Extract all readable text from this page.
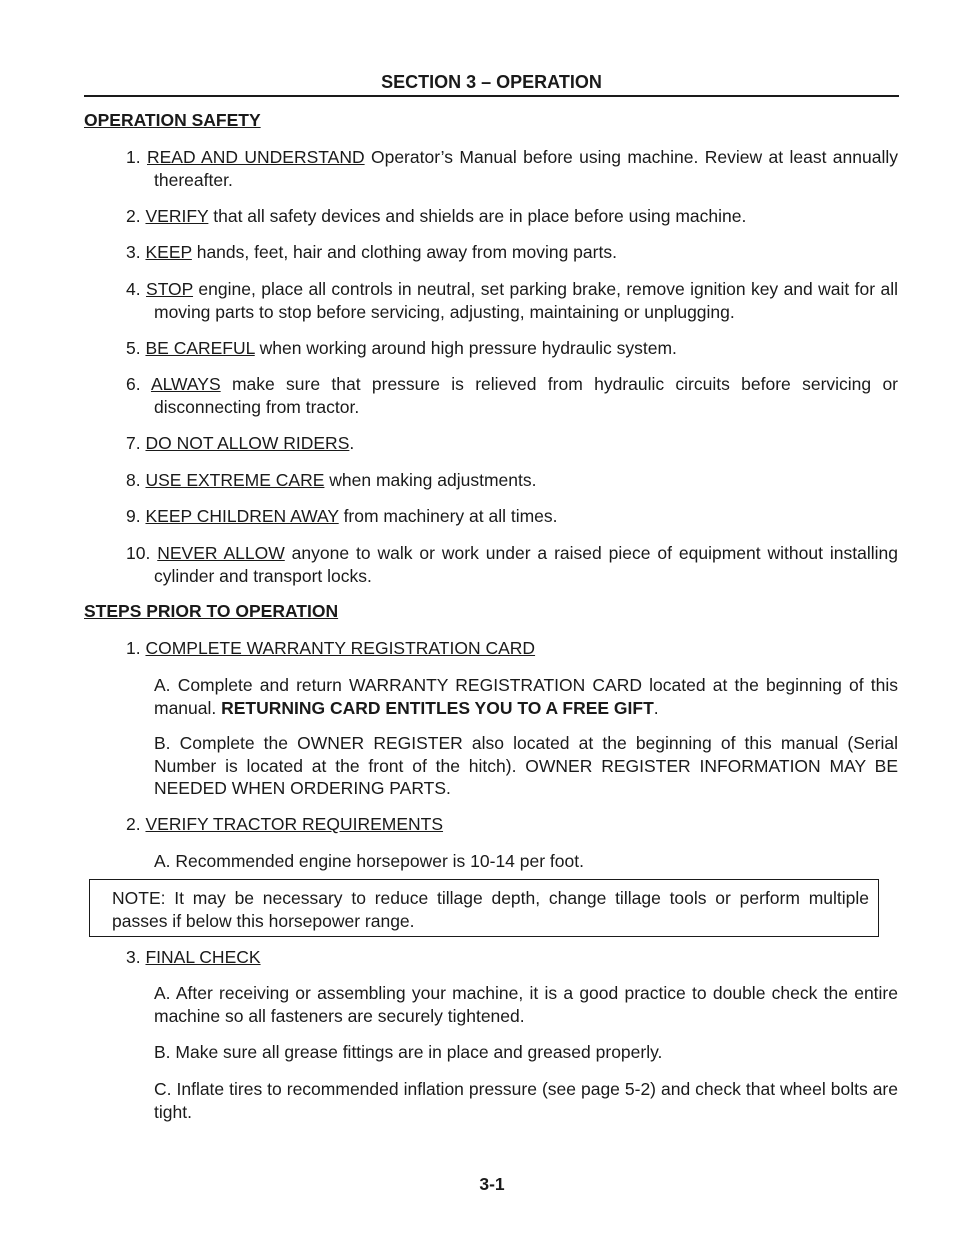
SECTION 3 – OPERATION
OPERATION SAFETY
1. READ AND UNDERSTAND Operator’s Manual before using machine. Review at least annually thereafter.
2. VERIFY that all safety devices and shields are in place before using machine.
3. KEEP hands, feet, hair and clothing away from moving parts.
4. STOP engine, place all controls in neutral, set parking brake, remove ignition key and wait for all moving parts to stop before servicing, adjusting, maintaining or unplugging.
5. BE CAREFUL when working around high pressure hydraulic system.
6. ALWAYS make sure that pressure is relieved from hydraulic circuits before servicing or disconnecting from tractor.
7. DO NOT ALLOW RIDERS.
8. USE EXTREME CARE when making adjustments.
9. KEEP CHILDREN AWAY from machinery at all times.
10. NEVER ALLOW anyone to walk or work under a raised piece of equipment without installing cylinder and transport locks.
STEPS PRIOR TO OPERATION
1. COMPLETE WARRANTY REGISTRATION CARD
A. Complete and return WARRANTY REGISTRATION CARD located at the beginning of this manual. RETURNING CARD ENTITLES YOU TO A FREE GIFT.
B. Complete the OWNER REGISTER also located at the beginning of this manual (Serial Number is located at the front of the hitch). OWNER REGISTER INFORMATION MAY BE NEEDED WHEN ORDERING PARTS.
2. VERIFY TRACTOR REQUIREMENTS
A. Recommended engine horsepower is 10-14 per foot.
NOTE: It may be necessary to reduce tillage depth, change tillage tools or perform multiple passes if below this horsepower range.
3. FINAL CHECK
A. After receiving or assembling your machine, it is a good practice to double check the entire machine so all fasteners are securely tightened.
B. Make sure all grease fittings are in place and greased properly.
C. Inflate tires to recommended inflation pressure (see page 5-2) and check that wheel bolts are tight.
3-1
